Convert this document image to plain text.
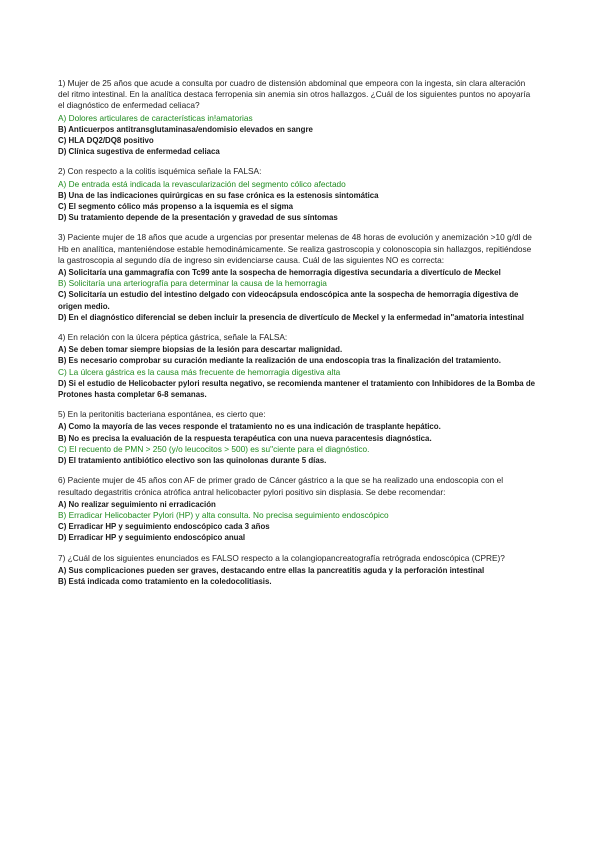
1) Mujer de 25 años que acude a consulta por cuadro de distensión abdominal que empeora con la ingesta, sin clara alteración del ritmo intestinal. En la analítica destaca ferropenia sin anemia sin otros hallazgos. ¿Cuál de los siguientes puntos no apoyaría el diagnóstico de enfermedad celiaca?

A) Dolores articulares de características in!amatorias

B) Anticuerpos antitransglutaminasa/endomisio elevados en sangre

C) HLA DQ2/DQ8 positivo

D) Clínica sugestiva de enfermedad celiaca

2) Con respecto a la colitis isquémica señale la FALSA:

A) De entrada está indicada la revascularización del segmento cólico afectado

B) Una de las indicaciones quirúrgicas en su fase crónica es la estenosis sintomática

C) El segmento cólico más propenso a la isquemia es el sigma

D) Su tratamiento depende de la presentación y gravedad de sus síntomas

3) Paciente mujer de 18 años que acude a urgencias por presentar melenas de 48 horas de evolución y anemización >10 g/dl de Hb en analítica, manteniéndose estable hemodinámicamente. Se realiza gastroscopia y colonoscopia sin hallazgos, repitiéndose la gastroscopia al segundo día de ingreso sin evidenciarse causa. Cuál de las siguientes NO es correcta:

A) Solicitaría una gammagrafía con Tc99 ante la sospecha de hemorragia digestiva secundaria a divertículo de Meckel

B) Solicitaría una arteriografía para determinar la causa de la hemorragia

C) Solicitaría un estudio del intestino delgado con videocápsula endoscópica ante la sospecha de hemorragia digestiva de origen medio.

D) En el diagnóstico diferencial se deben incluir la presencia de divertículo de Meckel y la enfermedad in"amatoria intestinal

4) En relación con la úlcera péptica gástrica, señale la FALSA:

A) Se deben tomar siempre biopsias de la lesión para descartar malignidad.

B) Es necesario comprobar su curación mediante la realización de una endoscopia tras la finalización del tratamiento.

C) La úlcera gástrica es la causa más frecuente de hemorragia digestiva alta

D) Si el estudio de Helicobacter pylori resulta negativo, se recomienda mantener el tratamiento con Inhibidores de la Bomba de Protones hasta completar 6-8 semanas.

5) En la peritonitis bacteriana espontánea, es cierto que:

A) Como la mayoría de las veces responde el tratamiento no es una indicación de trasplante hepático.

B) No es precisa la evaluación de la respuesta terapéutica con una nueva paracentesis diagnóstica.

C) El recuento de PMN > 250 (y/o leucocitos > 500) es su"ciente para el diagnóstico.

D) El tratamiento antibiótico electivo son las quinolonas durante 5 días.

6) Paciente mujer de 45 años con AF de primer grado de Cáncer gástrico a la que se ha realizado una endoscopia con el resultado degastritis crónica atrófica antral helicobacter pylori positivo sin displasia. Se debe recomendar:

A) No realizar seguimiento ni erradicación

B) Erradicar Helicobacter Pylori (HP) y alta consulta. No precisa seguimiento endoscópico

C) Erradicar HP y seguimiento endoscópico cada 3 años

D) Erradicar HP y seguimiento endoscópico anual

7) ¿Cuál de los siguientes enunciados es FALSO respecto a la colangiopancreatografía retrógrada endoscópica (CPRE)?

A) Sus complicaciones pueden ser graves, destacando entre ellas la pancreatitis aguda y la perforación intestinal

B) Está indicada como tratamiento en la coledocolitiasis.
